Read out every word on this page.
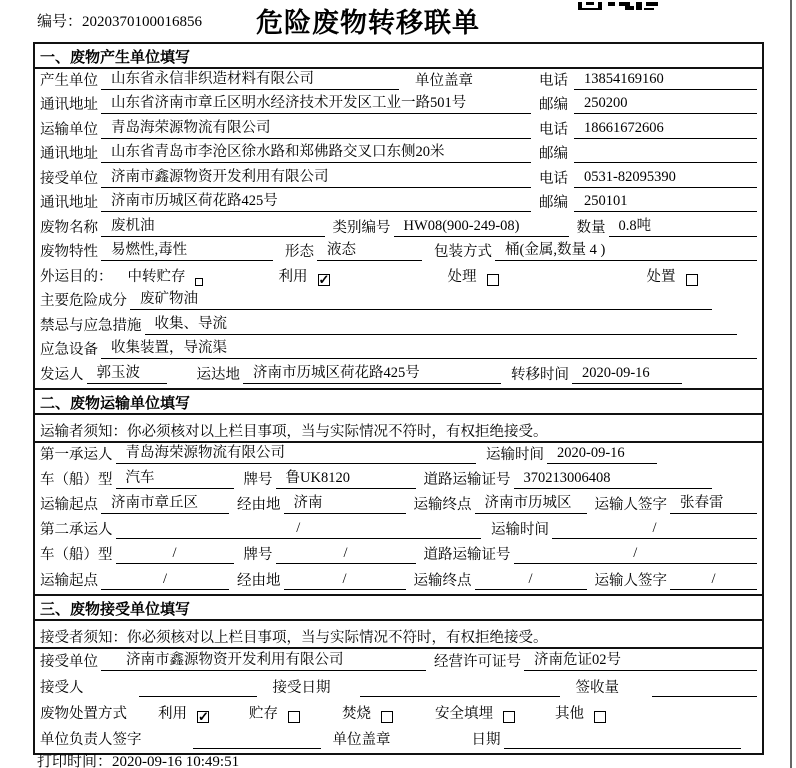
编号：2020370100016856	危险废物转移联单
一、废物产生单位填写
产生单位 山东省永信非织造材料有限公司	单位盖章	电话	13854169160
通讯地址 山东省济南市章丘区明水经济技术开发区工业一路501号	邮编	250200
运输单位 青岛海荣源物流有限公司	电话	18661672606
通讯地址 山东省青岛市李沧区徐水路和郑佛路交叉口东侧20米	邮编
接受单位 济南市鑫源物资开发利用有限公司	电话	0531-82095390
通讯地址 济南市历城区荷花路425号	邮编	250101
废物名称 废机油	类别编号 HW08(900-249-08)	数量 0.8吨
废物特性 易燃性,毒性	形态 液态	包装方式 桶(金属,数量 4 )
外运目的： 中转贮存	利用 ✓	处理	处置
主要危险成分 废矿物油
禁忌与应急措施 收集、导流
应急设备 收集装置，导流渠
发运人 郭玉波	运达地 济南市历城区荷花路425号	转移时间 2020-09-16
二、废物运输单位填写
运输者须知：你必须核对以上栏目事项，当与实际情况不符时，有权拒绝接受。
第一承运人 青岛海荣源物流有限公司	运输时间 2020-09-16
车（船）型 汽车	牌号 鲁UK8120	道路运输证号 370213006408
运输起点 济南市章丘区	经由地 济南	运输终点 济南市历城区	运输人签字 张春雷
第二承运人	/	运输时间	/
车（船）型	/	牌号	/	道路运输证号	/
运输起点	/	经由地	/	运输终点	/	运输人签字	/
三、废物接受单位填写
接受者须知：你必须核对以上栏目事项，当与实际情况不符时，有权拒绝接受。
接受单位	济南市鑫源物资开发利用有限公司	经营许可证号 济南危证02号
接受人	接受日期	签收量
废物处置方式 利用 ✓	贮存	焚烧	安全填埋	其他
单位负责人签字	单位盖章	日期
打印时间：2020-09-16 10:49:51
